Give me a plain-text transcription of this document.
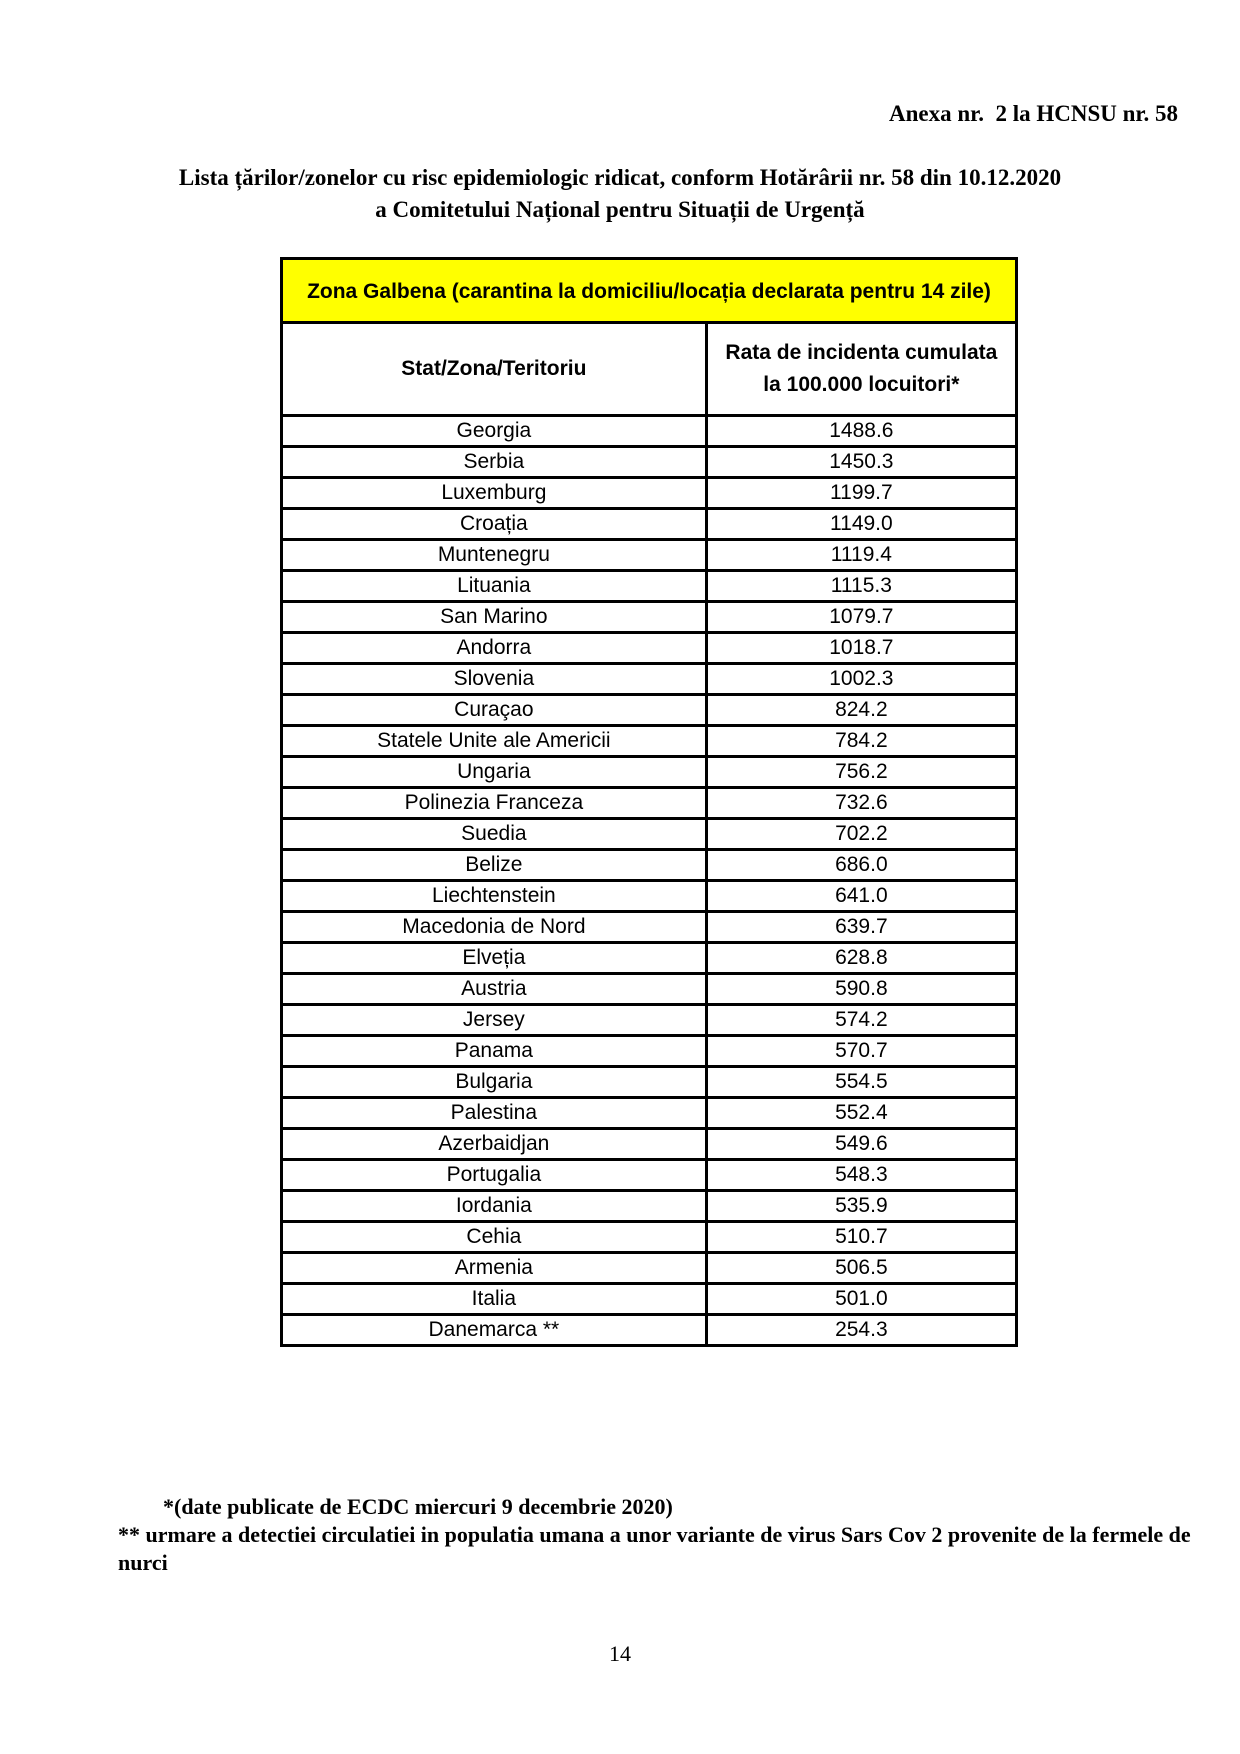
Anexa nr.  2 la HCNSU nr. 58
Lista țărilor/zonelor cu risc epidemiologic ridicat, conform Hotărârii nr. 58 din 10.12.2020
a Comitetului Național pentru Situații de Urgență
Zona Galbena (carantina la domiciliu/locația declarata pentru 14 zile)	
Stat/Zona/Teritoriu	Rata de incidenta cumulata la 100.000 locuitori*
Georgia	1488.6
Serbia	1450.3
Luxemburg	1199.7
Croația	1149.0
Muntenegru	1119.4
Lituania	1115.3
San Marino	1079.7
Andorra	1018.7
Slovenia	1002.3
Curaçao	824.2
Statele Unite ale Americii	784.2
Ungaria	756.2
Polinezia Franceza	732.6
Suedia	702.2
Belize	686.0
Liechtenstein	641.0
Macedonia de Nord	639.7
Elveția	628.8
Austria	590.8
Jersey	574.2
Panama	570.7
Bulgaria	554.5
Palestina	552.4
Azerbaidjan	549.6
Portugalia	548.3
Iordania	535.9
Cehia	510.7
Armenia	506.5
Italia	501.0
Danemarca **	254.3
*(date publicate de ECDC miercuri 9 decembrie 2020)
** urmare a detectiei circulatiei in populatia umana a unor variante de virus Sars Cov 2 provenite de la fermele de nurci
14
